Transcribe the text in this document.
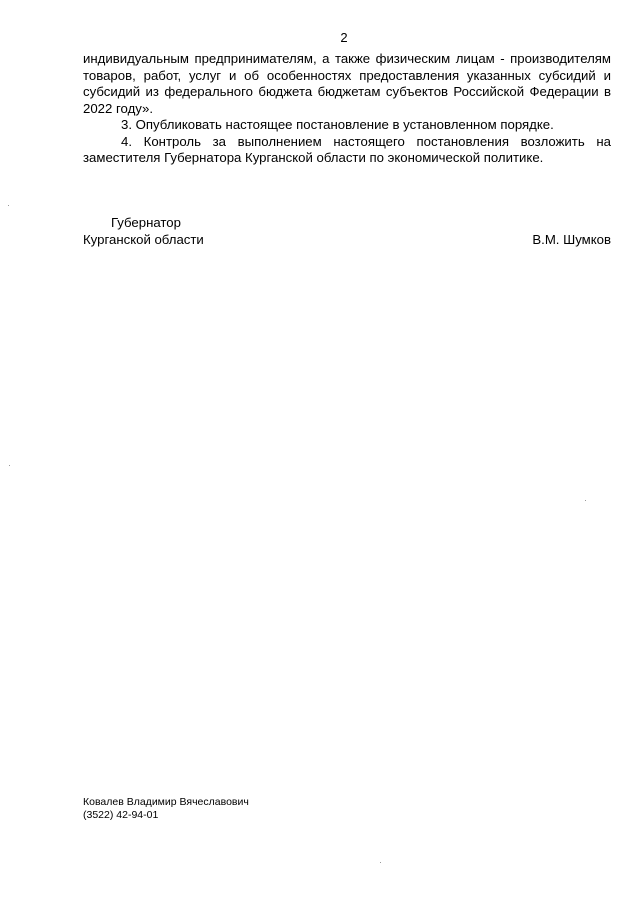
2

индивидуальным предпринимателям, а также физическим лицам - производителям товаров, работ, услуг и об особенностях предоставления указанных субсидий и субсидий из федерального бюджета бюджетам субъектов Российской Федерации в 2022 году».

3. Опубликовать настоящее постановление в установленном порядке.

4. Контроль за выполнением настоящего постановления возложить на заместителя Губернатора Курганской области по экономической политике.

Губернатор
Курганской области	В.М. Шумков
Ковалев Владимир Вячеславович
(3522) 42-94-01
